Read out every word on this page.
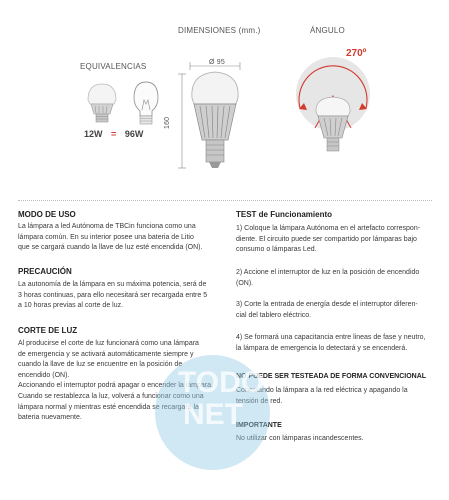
EQUIVALENCIAS
DIMENSIONES (mm.)	ÁNGULO
12W = 96W
Ø 95
160
270º
MODO DE USO
La lámpara a led Autónoma de TBCin funciona como una
lámpara común. En su interior posee una bateria de Litio
que se cargará cuando la llave de luz esté encendida (ON).
PRECAUCIÓN
La autonomía de la lámpara en su máxima potencia, será de
3 horas continuas, para ello necesitará ser recargada entre 5
a 10 horas previas al corte de luz.
CORTE DE LUZ
Al producirse el corte de luz funcionará como una lámpara
de emergencia y se activará automáticamente siempre y
cuando la llave de luz se encuentre en la posición de
encendido (ON).
Accionando el interruptor podrá apagar o encender la lámpara.
Cuando se restablezca la luz, volverá a funcionar como una
lámpara normal y mientras esté encendida se recargará la
bateria nuevamente.
TEST de Funcionamiento
1) Coloque la lámpara Autónoma en el artefacto correspon-
diente. El circuito puede ser compartido por lámparas bajo
consumo o lámparas Led.
2) Accione el interruptor de luz en la posición de encendido
(ON).
3) Corte la entrada de energía desde el interruptor diferen-
cial del tablero eléctrico.
4) Se formará una capacitancia entre lineas de fase y neutro,
la lámpara de emergencia lo detectará y se encenderá.
NO PUEDE SER TESTEADA DE FORMA CONVENCIONAL
Conectando la lámpara a la red eléctrica y apagando la
tensión de red.
IMPORTANTE
No utilizar con lámparas incandescentes.
TODO
NET
